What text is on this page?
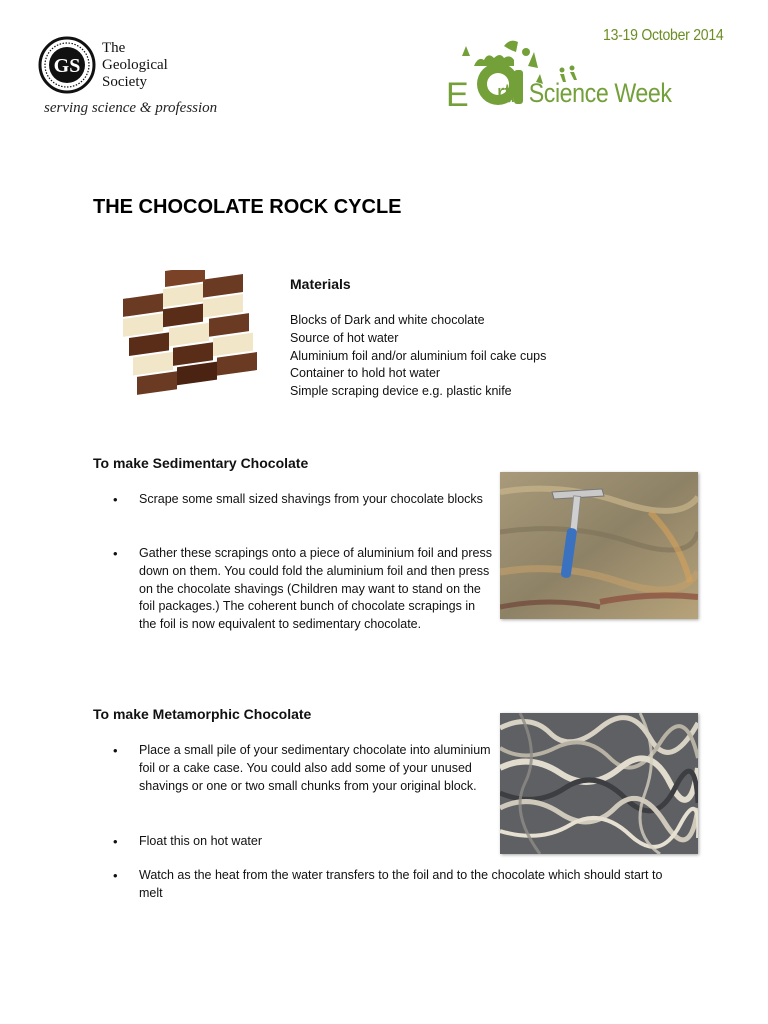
GS
The
Geological
Society
serving science & profession	E
13-19 October 2014
rth Science Week
THE CHOCOLATE ROCK CYCLE
Materials
Blocks of Dark and white chocolate
Source of hot water
Aluminium foil and/or aluminium foil cake cups
Container to hold hot water
Simple scraping device e.g. plastic knife
To make Sedimentary Chocolate
• Scrape some small sized shavings from your chocolate blocks
• Gather these scrapings onto a piece of aluminium foil and press down on them. You could fold the aluminium foil and then press on the chocolate shavings (Children may want to stand on the foil packages.) The coherent bunch of chocolate scrapings in the foil is now equivalent to sedimentary chocolate.
To make Metamorphic Chocolate
• Place a small pile of your sedimentary chocolate into aluminium foil or a cake case. You could also add some of your unused shavings or one or two small chunks from your original block.
• Float this on hot water
• Watch as the heat from the water transfers to the foil and to the chocolate which should start to melt
